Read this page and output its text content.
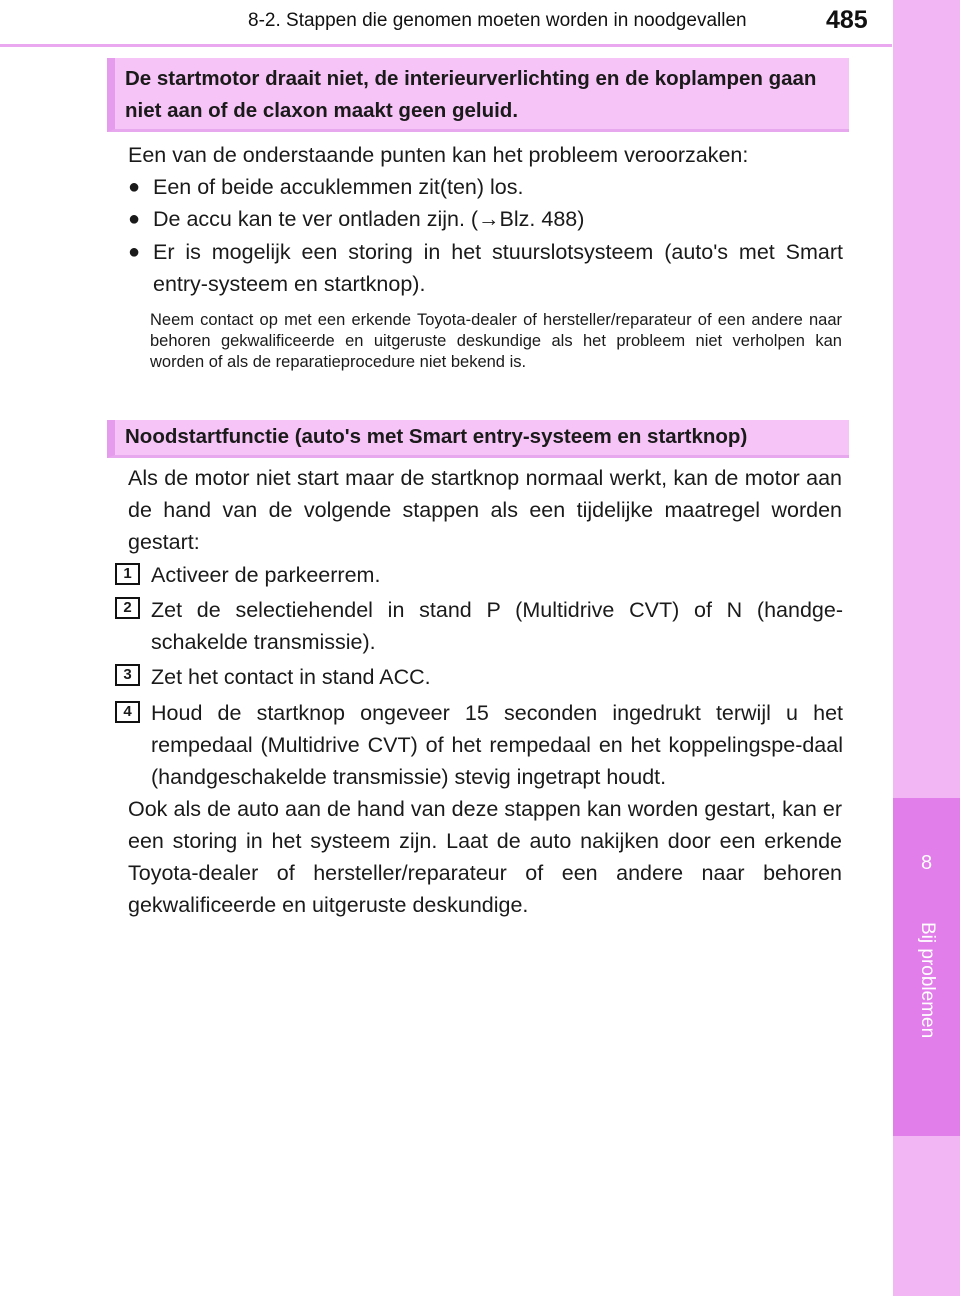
8-2. Stappen die genomen moeten worden in noodgevallen	485
8
Bij problemen
De startmotor draait niet, de interieurverlichting en de koplampen gaan niet aan of de claxon maakt geen geluid.

Een van de onderstaande punten kan het probleem veroorzaken:

● Een of beide accuklemmen zit(ten) los.
● De accu kan te ver ontladen zijn. (→Blz. 488)
● Er is mogelijk een storing in het stuurslotsysteem (auto's met Smart entry-systeem en startknop).

Neem contact op met een erkende Toyota-dealer of hersteller/reparateur of een andere naar behoren gekwalificeerde en uitgeruste deskundige als het probleem niet verholpen kan worden of als de reparatieprocedure niet bekend is.

Noodstartfunctie (auto's met Smart entry-systeem en startknop)

Als de motor niet start maar de startknop normaal werkt, kan de motor aan de hand van de volgende stappen als een tijdelijke maatregel worden gestart:

1 Activeer de parkeerrem.
2 Zet de selectiehendel in stand P (Multidrive CVT) of N (handge-schakelde transmissie).
3 Zet het contact in stand ACC.
4 Houd de startknop ongeveer 15 seconden ingedrukt terwijl u het rempedaal (Multidrive CVT) of het rempedaal en het koppelingspe-daal (handgeschakelde transmissie) stevig ingetrapt houdt.

Ook als de auto aan de hand van deze stappen kan worden gestart, kan er een storing in het systeem zijn. Laat de auto nakijken door een erkende Toyota-dealer of hersteller/reparateur of een andere naar behoren gekwalificeerde en uitgeruste deskundige.
